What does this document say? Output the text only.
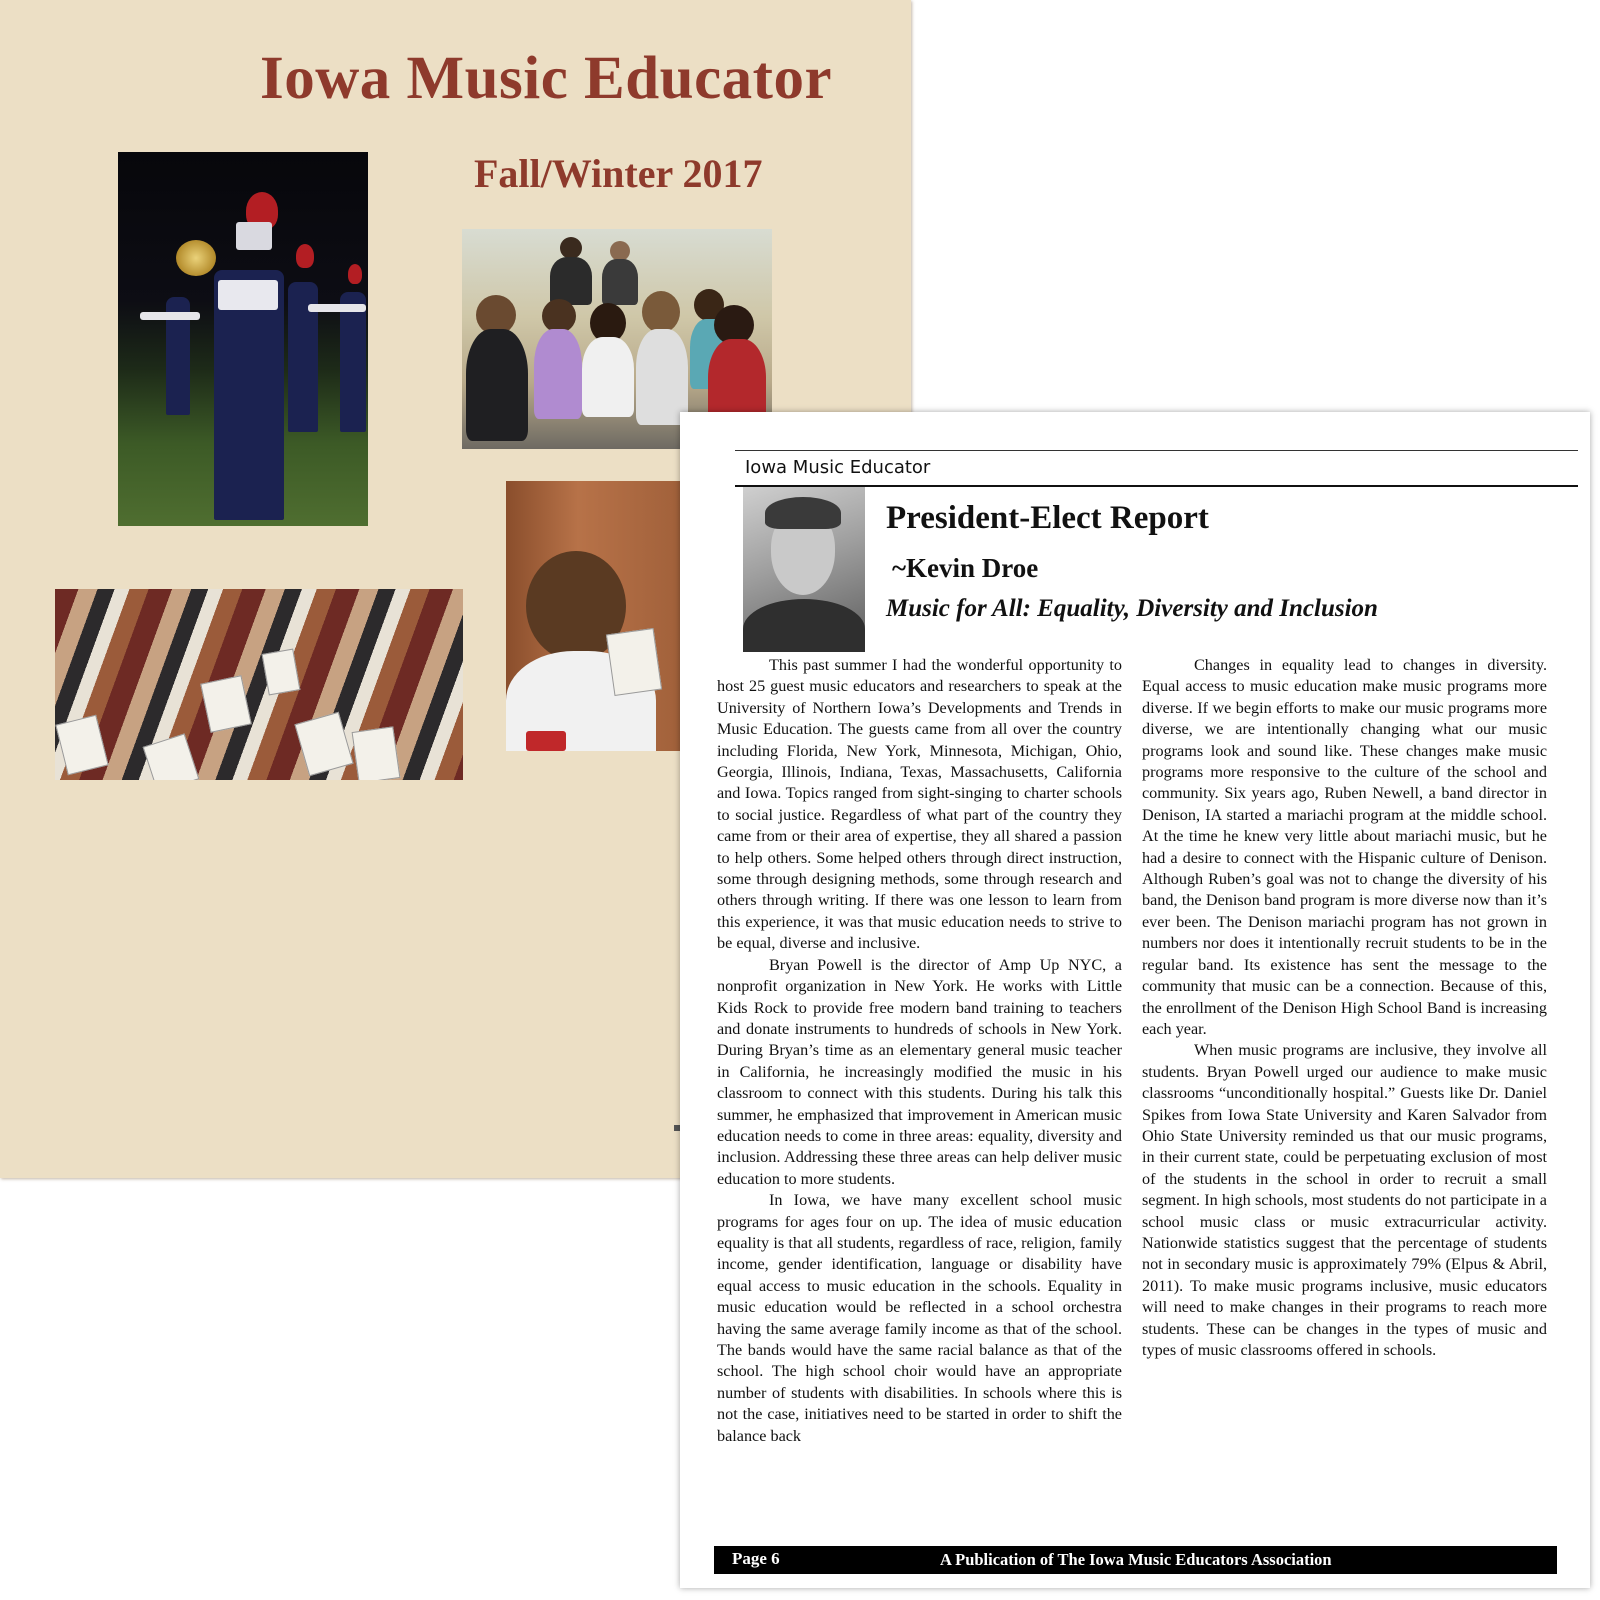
Iowa Music Educator
Fall/Winter 2017
Iowa Music Educator
President-Elect Report
~Kevin Droe
Music for All: Equality, Diversity and Inclusion

This past summer I had the wonderful opportunity to host 25 guest music educators and researchers to speak at the University of Northern Iowa’s Developments and Trends in Music Education. The guests came from all over the country including Florida, New York, Minnesota, Michigan, Ohio, Georgia, Illinois, Indiana, Texas, Massachusetts, California and Iowa. Topics ranged from sight-singing to charter schools to social justice. Regardless of what part of the country they came from or their area of expertise, they all shared a passion to help others. Some helped others through direct instruction, some through designing methods, some through research and others through writing. If there was one lesson to learn from this experience, it was that music education needs to strive to be equal, diverse and inclusive.

Bryan Powell is the director of Amp Up NYC, a nonprofit organization in New York. He works with Little Kids Rock to provide free modern band training to teachers and donate instruments to hundreds of schools in New York. During Bryan’s time as an elementary general music teacher in California, he increasingly modified the music in his classroom to connect with this students. During his talk this summer, he emphasized that improvement in American music education needs to come in three areas: equality, diversity and inclusion. Addressing these three areas can help deliver music education to more students.

In Iowa, we have many excellent school music programs for ages four on up. The idea of music education equality is that all students, regardless of race, religion, family income, gender identification, language or disability have equal access to music education in the schools. Equality in music education would be reflected in a school orchestra having the same average family income as that of the school. The bands would have the same racial balance as that of the school. The high school choir would have an appropriate number of students with disabilities. In schools where this is not the case, initiatives need to be started in order to shift the balance back

Changes in equality lead to changes in diversity. Equal access to music education make music programs more diverse. If we begin efforts to make our music programs more diverse, we are intentionally changing what our music programs look and sound like. These changes make music programs more responsive to the culture of the school and community. Six years ago, Ruben Newell, a band director in Denison, IA started a mariachi program at the middle school. At the time he knew very little about mariachi music, but he had a desire to connect with the Hispanic culture of Denison. Although Ruben’s goal was not to change the diversity of his band, the Denison band program is more diverse now than it’s ever been. The Denison mariachi program has not grown in numbers nor does it intentionally recruit students to be in the regular band. Its existence has sent the message to the community that music can be a connection. Because of this, the enrollment of the Denison High School Band is increasing each year.

When music programs are inclusive, they involve all students. Bryan Powell urged our audience to make music classrooms “unconditionally hospital.” Guests like Dr. Daniel Spikes from Iowa State University and Karen Salvador from Ohio State University reminded us that our music programs, in their current state, could be perpetuating exclusion of most of the students in the school in order to recruit a small segment. In high schools, most students do not participate in a school music class or music extracurricular activity. Nationwide statistics suggest that the percentage of students not in secondary music is approximately 79% (Elpus & Abril, 2011). To make music programs inclusive, music educators will need to make changes in their programs to reach more students. These can be changes in the types of music and types of music classrooms offered in schools.

Page 6	A Publication of The Iowa Music Educators Association
